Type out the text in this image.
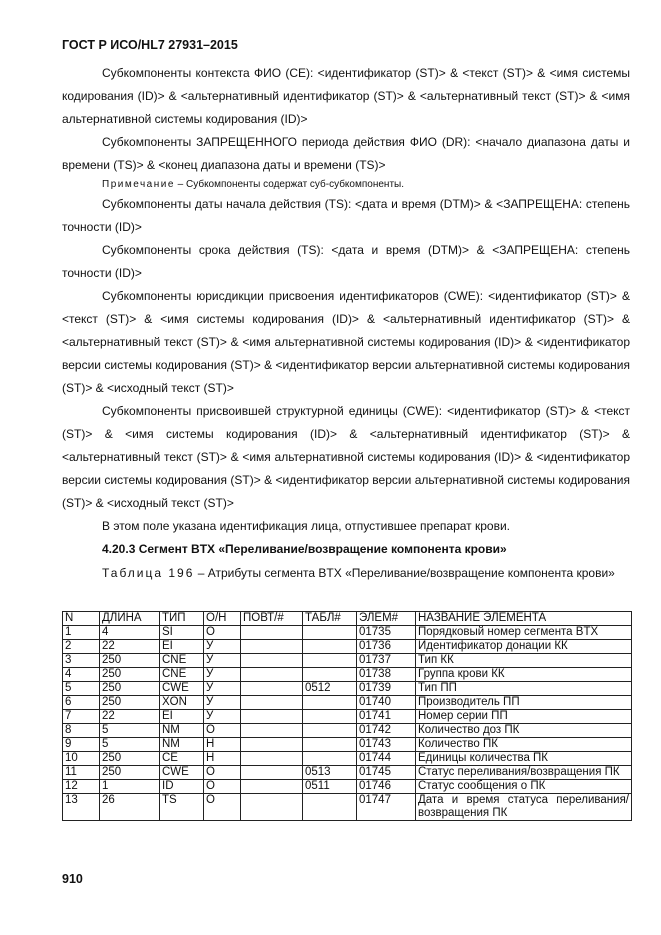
ГОСТ Р ИСО/HL7 27931–2015

Субкомпоненты контекста ФИО (CE): <идентификатор (ST)> & <текст (ST)> & <имя системы кодирования (ID)> & <альтернативный идентификатор (ST)> & <альтернативный текст (ST)> & <имя альтернативной системы кодирования (ID)>

Субкомпоненты ЗАПРЕЩЕННОГО периода действия ФИО (DR): <начало диапазона даты и времени (TS)> & <конец диапазона даты и времени (TS)>

Примечание – Субкомпоненты содержат суб-субкомпоненты.

Субкомпоненты даты начала действия (TS): <дата и время (DTM)> & <ЗАПРЕЩЕНА: степень точности (ID)>

Субкомпоненты срока действия (TS): <дата и время (DTM)> & <ЗАПРЕЩЕНА: степень точности (ID)>

Субкомпоненты юрисдикции присвоения идентификаторов (CWE): <идентификатор (ST)> & <текст (ST)> & <имя системы кодирования (ID)> & <альтернативный идентификатор (ST)> & <альтернативный текст (ST)> & <имя альтернативной системы кодирования (ID)> & <идентификатор версии системы кодирования (ST)> & <идентификатор версии альтернативной системы кодирования (ST)> & <исходный текст (ST)>

Субкомпоненты присвоившей структурной единицы (CWE): <идентификатор (ST)> & <текст (ST)> & <имя системы кодирования (ID)> & <альтернативный идентификатор (ST)> & <альтернативный текст (ST)> & <имя альтернативной системы кодирования (ID)> & <идентификатор версии системы кодирования (ST)> & <идентификатор версии альтернативной системы кодирования (ST)> & <исходный текст (ST)>

В этом поле указана идентификация лица, отпустившее препарат крови.

4.20.3 Сегмент BTX «Переливание/возвращение компонента крови»

Таблица 196 – Атрибуты сегмента BTX «Переливание/возвращение компонента крови»

N	ДЛИНА	ТИП	О/Н	ПОВТ/#	ТАБЛ#	ЭЛЕМ#	НАЗВАНИЕ ЭЛЕМЕНТА
1	4	SI	О			01735	Порядковый номер сегмента BTX
2	22	EI	У			01736	Идентификатор донации КК
3	250	CNE	У			01737	Тип КК
4	250	CNE	У			01738	Группа крови КК
5	250	CWE	У		0512	01739	Тип ПП
6	250	XON	У			01740	Производитель ПП
7	22	EI	У			01741	Номер серии ПП
8	5	NM	О			01742	Количество доз ПК
9	5	NM	Н			01743	Количество ПК
10	250	CE	Н			01744	Единицы количества ПК
11	250	CWE	О		0513	01745	Статус переливания/возвращения ПК
12	1	ID	О		0511	01746	Статус сообщения о ПК
13	26	TS	О			01747	Дата и время статуса переливания/возвращения ПК
910
